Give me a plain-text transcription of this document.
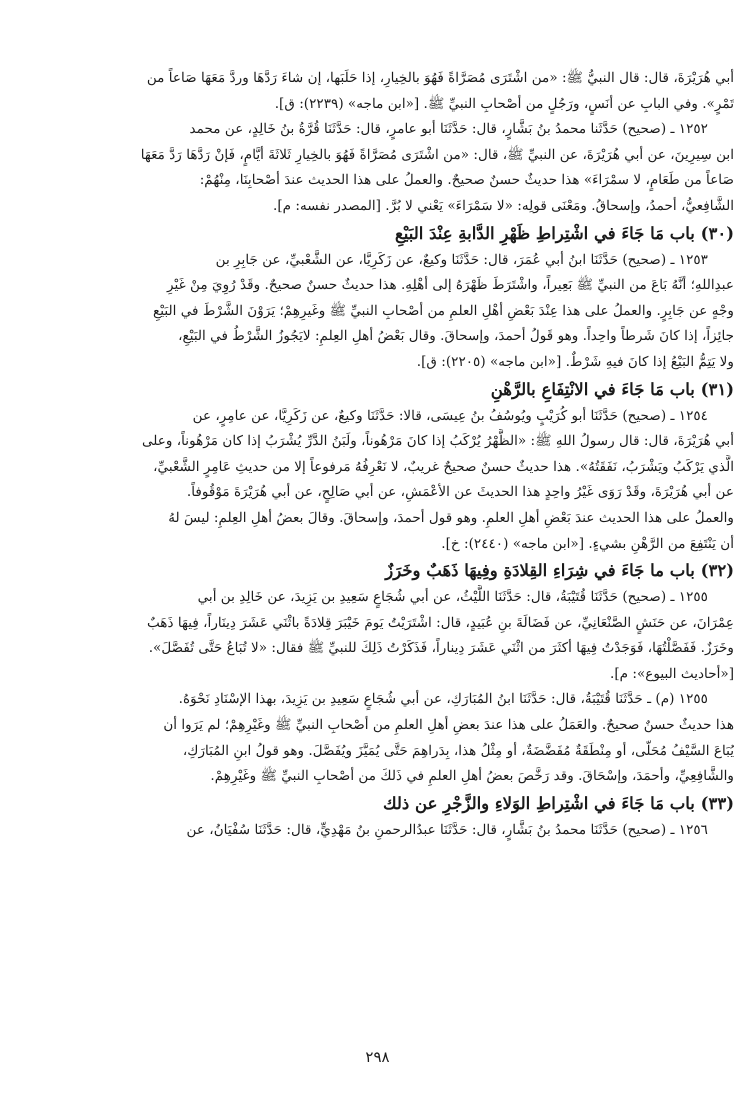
أبي هُرَيْرَةَ، قال: قال النبيُّ ﷺ: «من اشْتَرَى مُصَرَّاةً فَهُوَ بالخِيارِ، إذا حَلَبَها، إن شاءَ رَدَّهَا وردَّ مَعَهَا صَاعاً من
تَمْرٍ». وفي البابِ عن أنَسٍ، ورَجُلٍ من أصْحابِ النبيِّ ﷺ. [«ابن ماجه» (٢٢٣٩): ق].
١٢٥٢ ـ (صحيح) حَدَّثَنا محمدُ بنُ بَشَّارٍ، قال: حَدَّثَنَا أبو عامرٍ، قال: حَدَّثَنَا قُرَّةُ بنُ خَالِدٍ، عن محمد
ابن سِيرِينَ، عن أبي هُرَيْرَةَ، عن النبيِّ ﷺ، قال: «من اشْتَرَى مُصَرَّاةً فَهُوَ بالخِيارِ ثَلاثَةَ أيَّامٍ، فَإنْ رَدَّهَا رَدَّ مَعَهَا
صَاعاً من طَعَامٍ، لا سمْرَاءَ» هذا حديثٌ حسنٌ صحيحٌ. والعملُ على هذا الحديث عندَ أصْحابِنَا، مِنْهُمْ:
الشَّافِعيُّ، أحمدُ، وإسحاقُ. ومَعْنَى قولِه: «لا سَمْرَاءَ» يَعْني لا بُرَّ. [المصدر نفسه: م].
(٣٠) باب مَا جَاءَ في اشْتِراطِ ظَهْرِ الدَّابةِ عِنْدَ البَيْعِ
١٢٥٣ ـ (صحيح) حَدَّثَنَا ابنُ أبي عُمَرَ، قال: حَدَّثَنَا وكيعٌ، عن زَكَرِيَّا، عن الشَّعْبيِّ، عن جَابِرِ بن
عبدِاللهِ؛ أنَّهُ بَاعَ من النبيِّ ﷺ بَعِيراً، واشْتَرَطَ ظَهْرَهُ إلى أهْلِهِ. هذا حديثٌ حسنٌ صحيحٌ. وقَدْ رُوِيَ مِنْ غَيْرِ
وجْهٍ عن جَابِرٍ. والعملُ على هذا عِنْدَ بَعْضِ أهْلِ العلمِ من أصْحابِ النبيِّ ﷺ وغَيرِهِمْ؛ يَرَوْنَ الشَّرْطَ في البَيْعِ
جائِزاً، إذا كانَ شَرطاً واحِداً. وهو قَولُ أحمدَ، وإسحاقَ. وقال بَعْضُ أهلِ العِلمِ: لايَجُوزُ الشَّرْطُ في البَيْعِ،
ولا يَتِمُّ البَيْعُ إذا كانَ فيهِ شَرْطٌ. [«ابن ماجه» (٢٢٠٥): ق].
(٣١) باب مَا جَاءَ في الانْتِفَاعِ بالرَّهْنِ
١٢٥٤ ـ (صحيح) حَدَّثَنَا أبو كُرَيْبٍ ويُوسُفُ بنُ عِيسَى، قالا: حَدَّثَنَا وكيعٌ، عن زَكَرِيَّا، عن عامِرٍ، عن
أبي هُرَيْرَةَ، قال: قال رسولُ اللهِ ﷺ: «الظَّهْرُ يُرْكَبُ إذا كانَ مَرْهُوناً، ولَبَنُ الدَّرِّ يُشْرَبُ إذا كان مَرْهُوناً، وعلى
الَّذي يَرْكَبُ ويَشْرَبُ، نَفَقَتُهُ». هذا حديثٌ حسنٌ صحيحٌ غريبٌ، لا نَعْرِفُهُ مَرفوعاً إلا من حديثِ عَامِرٍ الشَّعْبيِّ،
عن أبي هُرَيْرَةَ، وقَدْ رَوَى غَيْرُ واحِدٍ هذا الحديثَ عن الأعْمَشِ، عن أبي صَالِحٍ، عن أبي هُرَيْرَةَ مَوْقُوفاً.
والعملُ على هذا الحديث عندَ بَعْضِ أهلِ العلمِ. وهو قول أحمدَ، وإسحاقَ. وقالَ بعضُ أهلِ العِلمِ: ليسَ لهُ
أن يَنْتَفِعَ من الرَّهْنِ بشيءٍ. [«ابن ماجه» (٢٤٤٠): خ].
(٣٢) باب ما جَاءَ في شِرَاءِ القِلادَةِ وفِيهَا ذَهَبٌ وخَرَزٌ
١٢٥٥ ـ (صحيح) حَدَّثَنَا قُتَيْبَةُ، قال: حَدَّثَنَا اللَّيْثُ، عن أبي شُجَاعٍ سَعِيدِ بن يَزِيدَ، عن خَالِدِ بن أبي
عِمْرَانَ، عن حَنَشٍ الصَّنْعَانِيِّ، عن فَضَالَةَ بنِ عُبَيدٍ، قال: اشْتَرَيْتُ يَومَ خَيْبَرَ قِلادَةً باثْنَي عَشَرَ دِينَاراً، فِيهَا ذَهَبٌ
وخَرَزٌ. فَفَصَّلْتُهَا، فَوَجَدْتُ فِيهَا أكثَرَ من اثْنَي عَشَرَ دِيناراً، فَذَكَرْتُ ذَلِكَ للنبيِّ ﷺ فقال: «لا تُبَاعُ حَتَّى تُفَصَّلَ».
[«أحاديث البيوع»: م].
١٢٥٥ (م) ـ حَدَّثَنَا قُتَيْبَةُ، قال: حَدَّثَنَا ابنُ المُبَارَكِ، عن أبي شُجَاعٍ سَعِيدِ بن يَزِيدَ، بهذا الإسْنَادِ نَحْوَهُ.
هذا حديثٌ حسنٌ صحيحٌ. والعَمَلُ على هذا عندَ بعضِ أهلِ العلمِ من أصْحابِ النبيِّ ﷺ وغَيْرِهِمْ؛ لم يَرَوا أن
يُبَاعَ السَّيْفُ مُحَلّى، أو مِنْطَقَةٌ مُفَضَّضَةٌ، أو مِثْلُ هذا، بِدَراهِمَ حَتَّى يُمَيَّزَ ويُفَصَّلَ. وهو قولُ ابنِ المُبَارَكِ،
والشَّافِعِيِّ، وأحمَدَ، وإسْحَاقَ. وقد رَخَّصَ بعضُ أهلِ العلمِ في ذَلكَ من أصْحابِ النبيِّ ﷺ وغَيْرِهِمْ.
(٣٣) باب مَا جَاءَ في اشْتِراطِ الوَلاءِ والزَّجْرِ عن ذلك
١٢٥٦ ـ (صحيح) حَدَّثَنَا محمدُ بنُ بَشَّارٍ، قال: حَدَّثَنَا عبدُالرحمنِ بنُ مَهْدِيٍّ، قال: حَدَّثَنَا سُفْيَانُ، عن
٢٩٨
